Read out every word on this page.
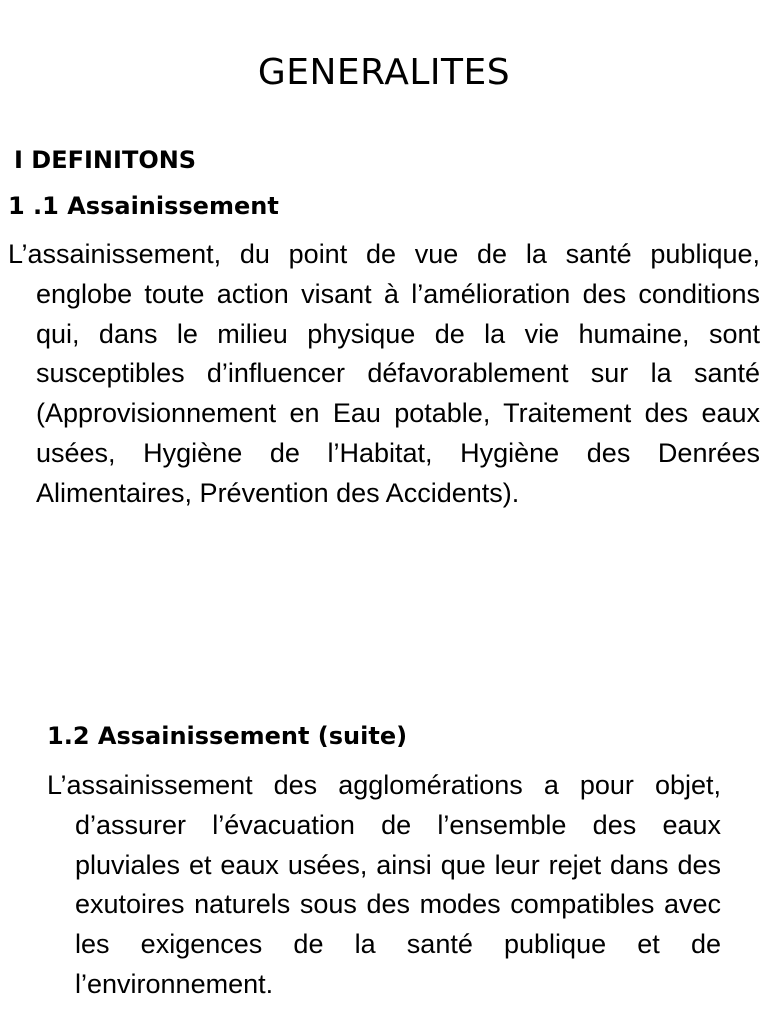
GENERALITES
I DEFINITONS
1 .1 Assainissement

L’assainissement, du point de vue de la santé publique, englobe toute action visant à l’amélioration des conditions qui, dans le milieu physique de la vie humaine, sont susceptibles d’influencer défavorablement sur la santé (Approvisionnement en Eau potable, Traitement des eaux usées, Hygiène de l’Habitat, Hygiène des Denrées Alimentaires, Prévention des Accidents).

1.2 Assainissement (suite)

L’assainissement des agglomérations a pour objet, d’assurer l’évacuation de l’ensemble des eaux pluviales et eaux usées, ainsi que leur rejet dans des exutoires naturels sous des modes compatibles avec les exigences de la santé publique et de l’environnement.
